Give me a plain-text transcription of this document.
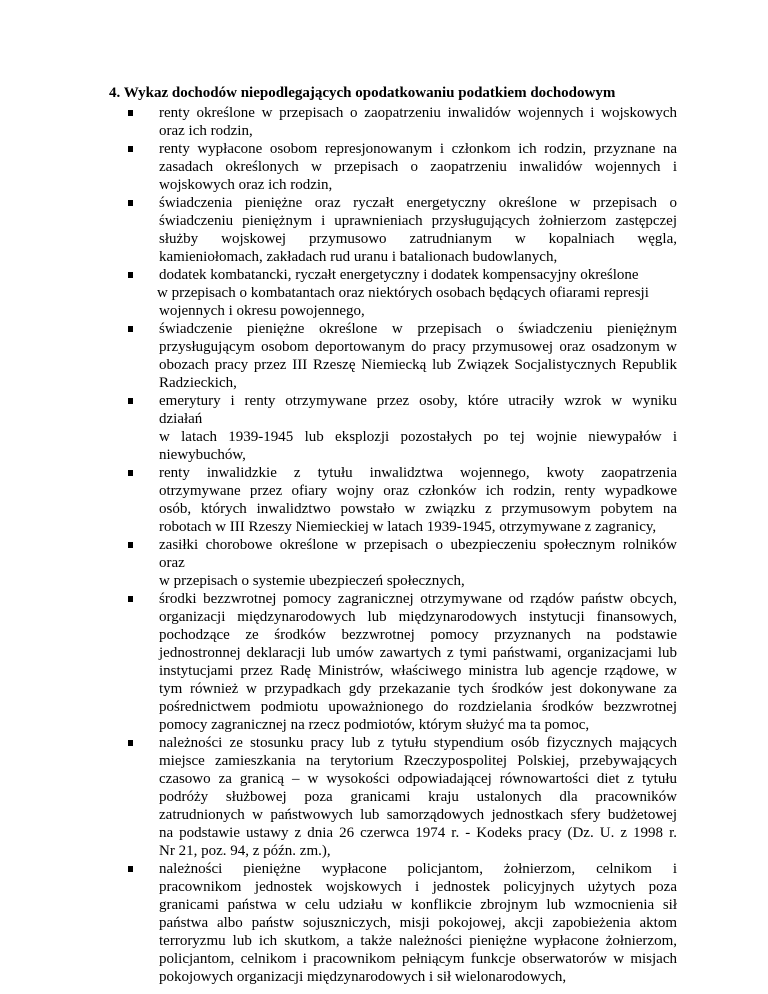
4. Wykaz dochodów niepodlegających opodatkowaniu podatkiem dochodowym
renty określone w przepisach o zaopatrzeniu inwalidów wojennych i wojskowych
oraz ich rodzin,
renty wypłacone osobom represjonowanym i członkom ich rodzin, przyznane na
zasadach określonych w przepisach o zaopatrzeniu inwalidów wojennych i
wojskowych oraz ich rodzin,
świadczenia pieniężne oraz ryczałt energetyczny określone w przepisach o
świadczeniu pieniężnym i uprawnieniach przysługujących żołnierzom zastępczej
służby wojskowej przymusowo zatrudnianym w kopalniach węgla,
kamieniołomach, zakładach rud uranu i batalionach budowlanych,
dodatek kombatancki, ryczałt energetyczny i dodatek kompensacyjny określone
w przepisach o kombatantach oraz niektórych osobach będących ofiarami represji
wojennych i okresu powojennego,
świadczenie pieniężne określone w przepisach o świadczeniu pieniężnym
przysługującym osobom deportowanym do pracy przymusowej oraz osadzonym w
obozach pracy przez III Rzeszę Niemiecką lub Związek Socjalistycznych Republik
Radzieckich,
emerytury i renty otrzymywane przez osoby, które utraciły wzrok w wyniku
działań
w latach 1939-1945 lub eksplozji pozostałych po tej wojnie niewypałów i
niewybuchów,
renty inwalidzkie z tytułu inwalidztwa wojennego, kwoty zaopatrzenia
otrzymywane przez ofiary wojny oraz członków ich rodzin, renty wypadkowe
osób, których inwalidztwo powstało w związku z przymusowym pobytem na
robotach w III Rzeszy Niemieckiej w latach 1939-1945, otrzymywane z zagranicy,
zasiłki chorobowe określone w przepisach o ubezpieczeniu społecznym rolników
oraz
w przepisach o systemie ubezpieczeń społecznych,
środki bezzwrotnej pomocy zagranicznej otrzymywane od rządów państw obcych,
organizacji międzynarodowych lub międzynarodowych instytucji finansowych,
pochodzące ze środków bezzwrotnej pomocy przyznanych na podstawie
jednostronnej deklaracji lub umów zawartych z tymi państwami, organizacjami lub
instytucjami przez Radę Ministrów, właściwego ministra lub agencje rządowe, w
tym również w przypadkach gdy przekazanie tych środków jest dokonywane za
pośrednictwem podmiotu upoważnionego do rozdzielania środków bezzwrotnej
pomocy zagranicznej na rzecz podmiotów, którym służyć ma ta pomoc,
należności ze stosunku pracy lub z tytułu stypendium osób fizycznych mających
miejsce zamieszkania na terytorium Rzeczypospolitej Polskiej, przebywających
czasowo za granicą – w wysokości odpowiadającej równowartości diet z tytułu
podróży służbowej poza granicami kraju ustalonych dla pracowników
zatrudnionych w państwowych lub samorządowych jednostkach sfery budżetowej
na podstawie ustawy z dnia 26 czerwca 1974 r. - Kodeks pracy (Dz. U. z 1998 r.
Nr 21, poz. 94, z późn. zm.),
należności pieniężne wypłacone policjantom, żołnierzom, celnikom i
pracownikom jednostek wojskowych i jednostek policyjnych użytych poza
granicami państwa w celu udziału w konflikcie zbrojnym lub wzmocnienia sił
państwa albo państw sojuszniczych, misji pokojowej, akcji zapobieżenia aktom
terroryzmu lub ich skutkom, a także należności pieniężne wypłacone żołnierzom,
policjantom, celnikom i pracownikom pełniącym funkcje obserwatorów w misjach
pokojowych organizacji międzynarodowych i sił wielonarodowych,
